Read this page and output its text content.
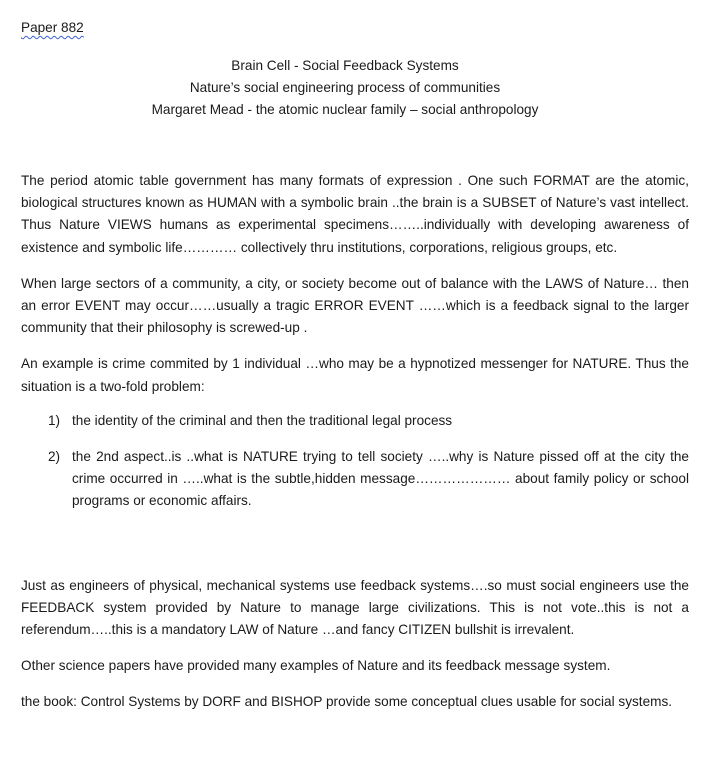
Paper 882
Brain Cell - Social Feedback Systems
Nature’s social engineering process of communities
Margaret Mead - the atomic nuclear family – social anthropology

The period atomic table government has many formats of expression . One such FORMAT are the atomic, biological structures known as HUMAN with a symbolic brain ..the brain is a SUBSET of Nature’s vast intellect. Thus Nature VIEWS humans as experimental specimens……..individually with developing awareness of existence and symbolic life………… collectively thru institutions, corporations, religious groups, etc.

When large sectors of a community, a city, or society become out of balance with the LAWS of Nature… then an error EVENT may occur……usually a tragic ERROR EVENT ……which is a feedback signal to the larger community that their philosophy is screwed-up .

An example is crime commited by 1 individual …who may be a hypnotized messenger for NATURE. Thus the situation is a two-fold problem:

1) the identity of the criminal and then the traditional legal process
2) the 2nd aspect..is ..what is NATURE trying to tell society …..why is Nature pissed off at the city the crime occurred in …..what is the subtle,hidden message………………… about family policy or school programs or economic affairs.

Just as engineers of physical, mechanical systems use feedback systems….so must social engineers use the FEEDBACK system provided by Nature to manage large civilizations. This is not vote..this is not a referendum…..this is a mandatory LAW of Nature …and fancy CITIZEN bullshit is irrevalent.

Other science papers have provided many examples of Nature and its feedback message system.

the book: Control Systems by DORF and BISHOP provide some conceptual clues usable for social systems.
